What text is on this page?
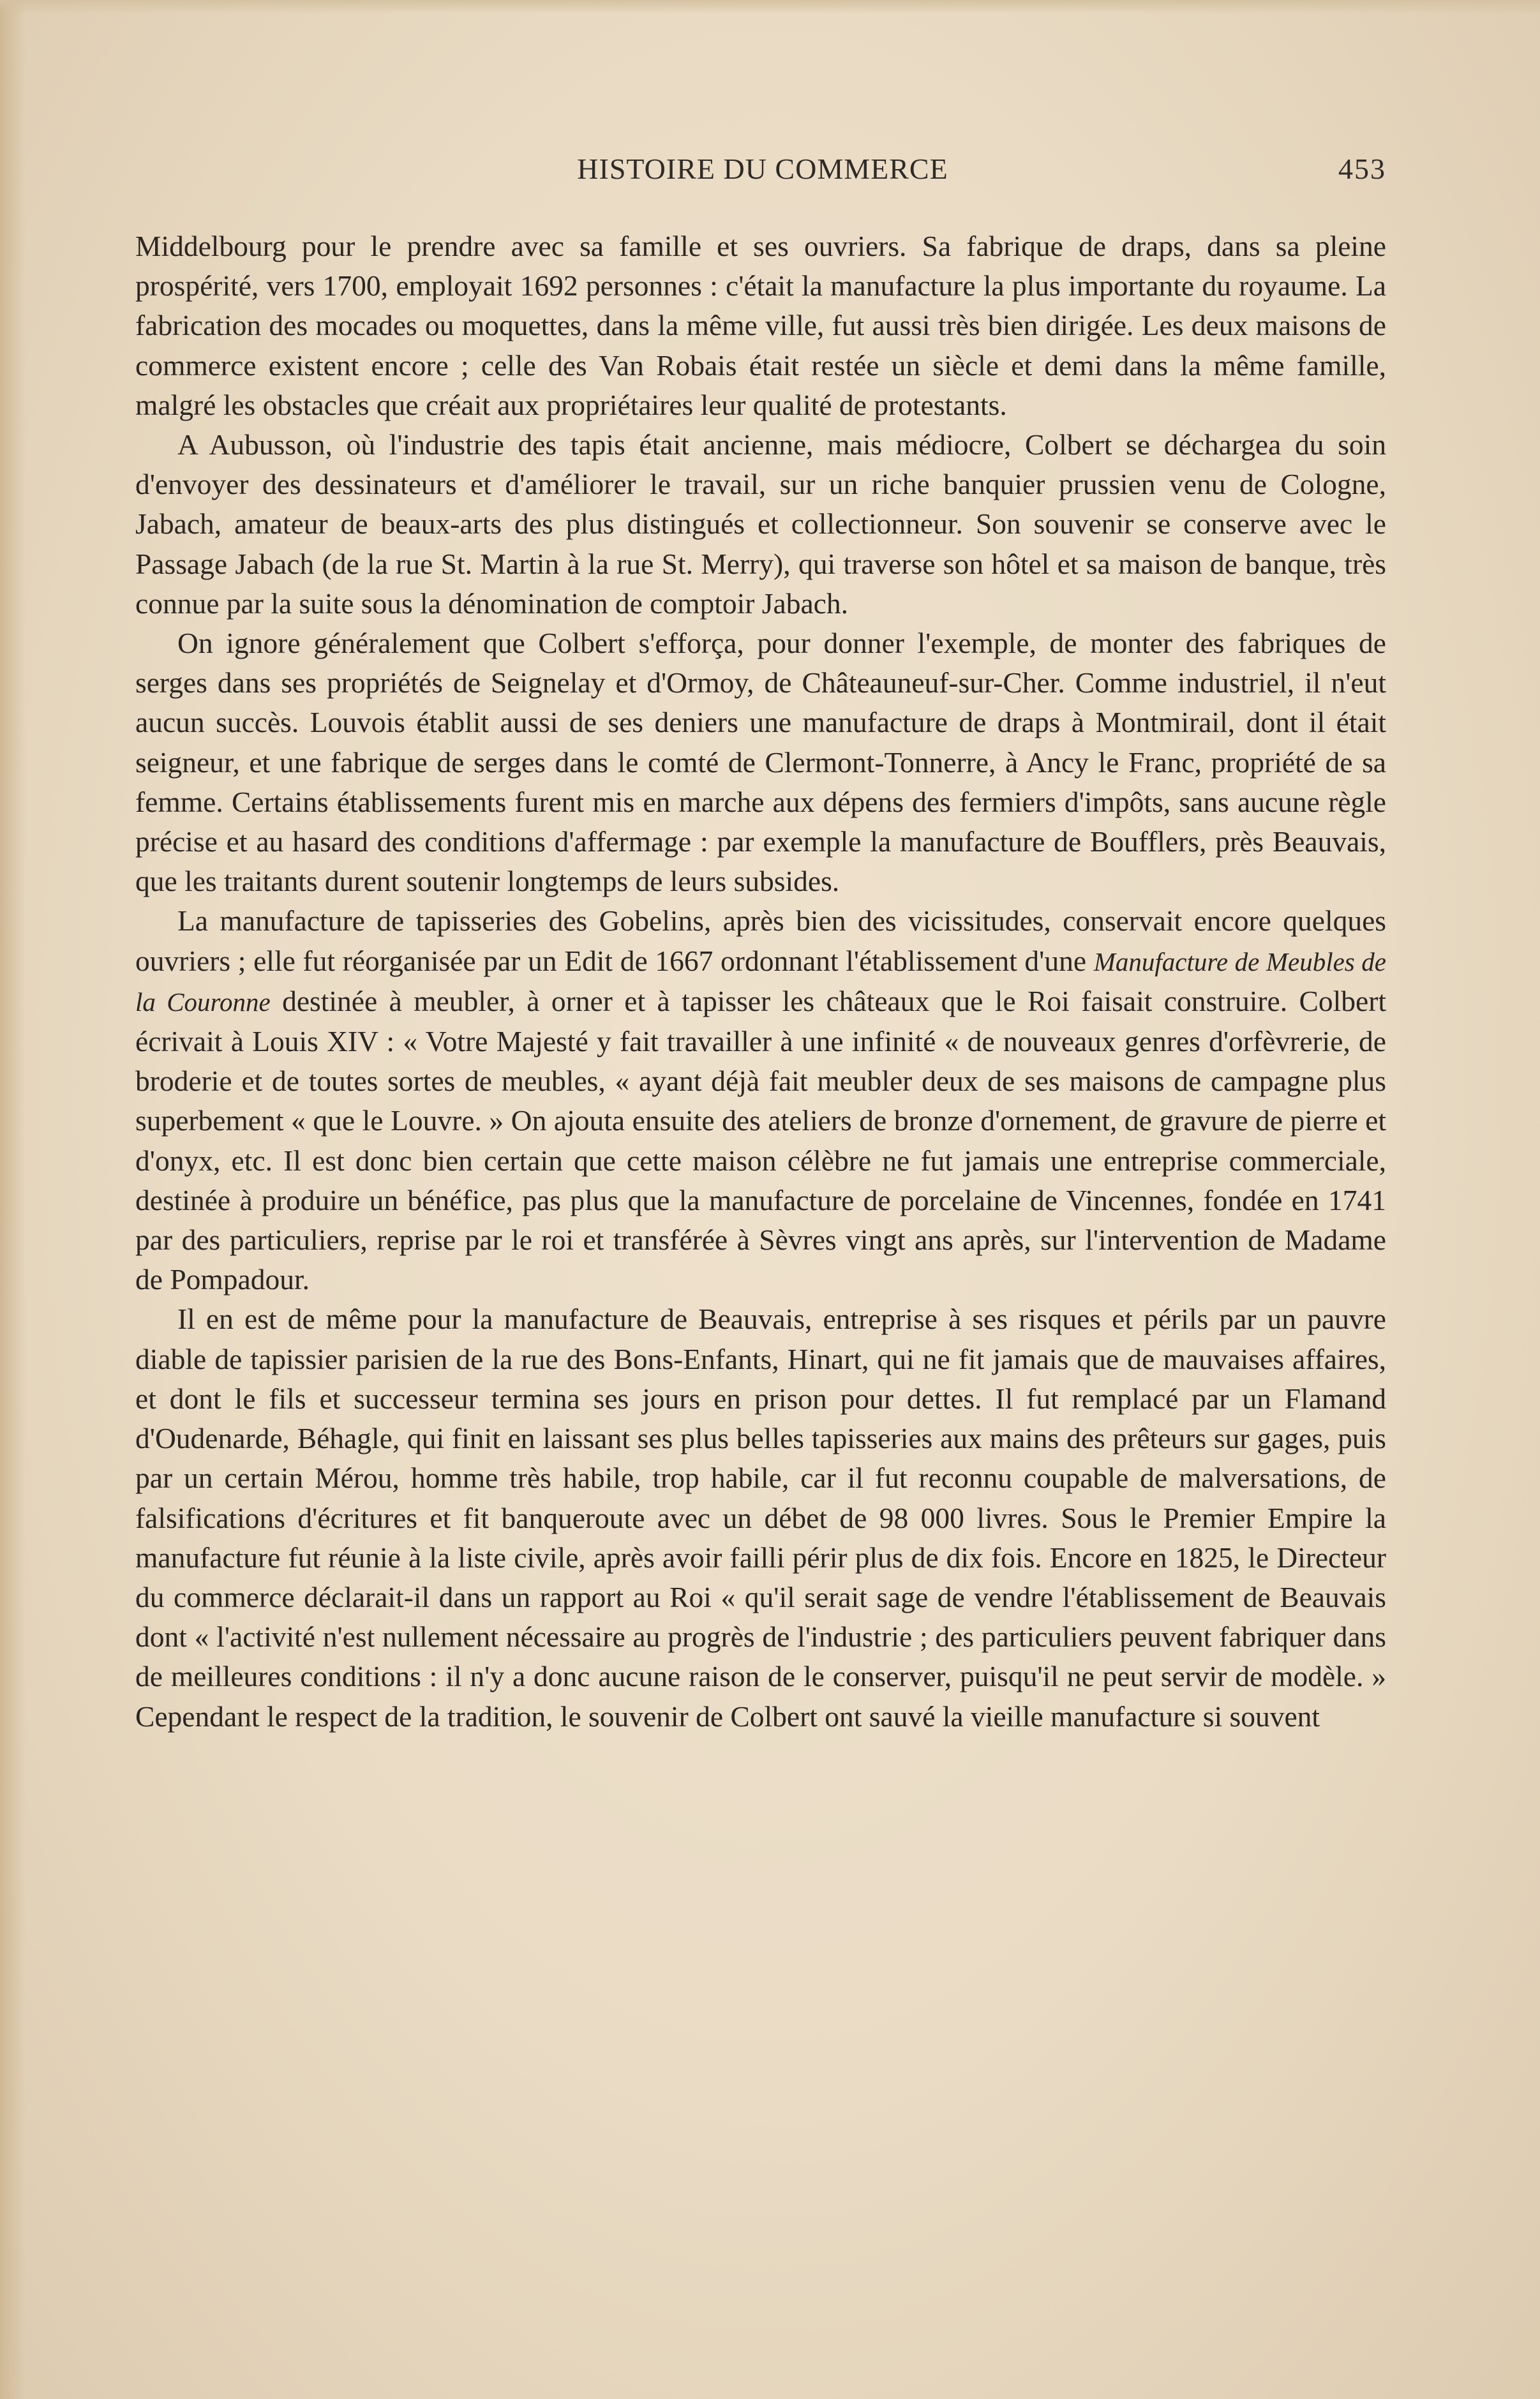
HISTOIRE DU COMMERCE	453

Middelbourg pour le prendre avec sa famille et ses ouvriers. Sa fabrique de draps, dans sa pleine prospérité, vers 1700, employait 1692 personnes : c'était la manufacture la plus importante du royaume. La fabrication des mocades ou moquettes, dans la même ville, fut aussi très bien dirigée. Les deux maisons de commerce existent encore ; celle des Van Robais était restée un siècle et demi dans la même famille, malgré les obstacles que créait aux propriétaires leur qualité de protestants.

A Aubusson, où l'industrie des tapis était ancienne, mais médiocre, Colbert se déchargea du soin d'envoyer des dessinateurs et d'améliorer le travail, sur un riche banquier prussien venu de Cologne, Jabach, amateur de beaux-arts des plus distingués et collectionneur. Son souvenir se conserve avec le Passage Jabach (de la rue St. Martin à la rue St. Merry), qui traverse son hôtel et sa maison de banque, très connue par la suite sous la dénomination de comptoir Jabach.

On ignore généralement que Colbert s'efforça, pour donner l'exemple, de monter des fabriques de serges dans ses propriétés de Seignelay et d'Ormoy, de Châteauneuf-sur-Cher. Comme industriel, il n'eut aucun succès. Louvois établit aussi de ses deniers une manufacture de draps à Montmirail, dont il était seigneur, et une fabrique de serges dans le comté de Clermont-Tonnerre, à Ancy le Franc, propriété de sa femme. Certains établissements furent mis en marche aux dépens des fermiers d'impôts, sans aucune règle précise et au hasard des conditions d'affermage : par exemple la manufacture de Boufflers, près Beauvais, que les traitants durent soutenir longtemps de leurs subsides.

La manufacture de tapisseries des Gobelins, après bien des vicissitudes, conservait encore quelques ouvriers ; elle fut réorganisée par un Edit de 1667 ordonnant l'établissement d'une Manufacture de Meubles de la Couronne destinée à meubler, à orner et à tapisser les châteaux que le Roi faisait construire. Colbert écrivait à Louis XIV : « Votre Majesté y fait travailler à une infinité « de nouveaux genres d'orfèvrerie, de broderie et de toutes sortes de meubles, « ayant déjà fait meubler deux de ses maisons de campagne plus superbement « que le Louvre. » On ajouta ensuite des ateliers de bronze d'ornement, de gravure de pierre et d'onyx, etc. Il est donc bien certain que cette maison célèbre ne fut jamais une entreprise commerciale, destinée à produire un bénéfice, pas plus que la manufacture de porcelaine de Vincennes, fondée en 1741 par des particuliers, reprise par le roi et transférée à Sèvres vingt ans après, sur l'intervention de Madame de Pompadour.

Il en est de même pour la manufacture de Beauvais, entreprise à ses risques et périls par un pauvre diable de tapissier parisien de la rue des Bons-Enfants, Hinart, qui ne fit jamais que de mauvaises affaires, et dont le fils et successeur termina ses jours en prison pour dettes. Il fut remplacé par un Flamand d'Oudenarde, Béhagle, qui finit en laissant ses plus belles tapisseries aux mains des prêteurs sur gages, puis par un certain Mérou, homme très habile, trop habile, car il fut reconnu coupable de malversations, de falsifications d'écritures et fit banqueroute avec un débet de 98 000 livres. Sous le Premier Empire la manufacture fut réunie à la liste civile, après avoir failli périr plus de dix fois. Encore en 1825, le Directeur du commerce déclarait-il dans un rapport au Roi « qu'il serait sage de vendre l'établissement de Beauvais dont « l'activité n'est nullement nécessaire au progrès de l'industrie ; des particuliers peuvent fabriquer dans de meilleures conditions : il n'y a donc aucune raison de le conserver, puisqu'il ne peut servir de modèle. » Cependant le respect de la tradition, le souvenir de Colbert ont sauvé la vieille manufacture si souvent
